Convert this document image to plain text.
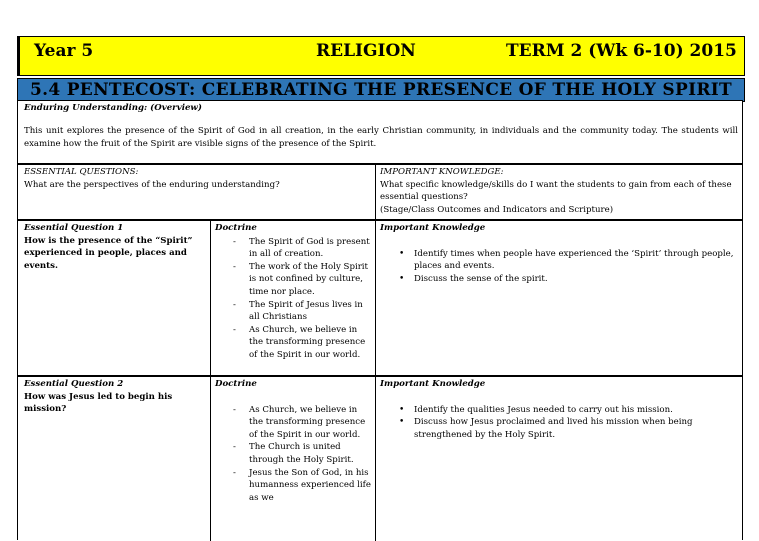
Year 5	RELIGION	TERM 2 (Wk 6-10) 2015
5.4 PENTECOST: CELEBRATING THE PRESENCE OF THE HOLY SPIRIT
Enduring Understanding: (Overview)
This unit explores the presence of the Spirit of God in all creation, in the early Christian community, in individuals and the community today. The students will examine how the fruit of the Spirit are visible signs of the presence of the Spirit.
ESSENTIAL QUESTIONS:
What are the perspectives of the enduring understanding?
IMPORTANT KNOWLEDGE:
What specific knowledge/skills do I want the students to gain from each of these essential questions?
(Stage/Class Outcomes and Indicators and Scripture)
Essential Question 1
How is the presence of the “Spirit” experienced in people, places and events.
Doctrine
- The Spirit of God is present in all of creation.
- The work of the Holy Spirit is not confined by culture, time nor place.
- The Spirit of Jesus lives in all Christians
- As Church, we believe in the transforming presence of the Spirit in our world.
Important Knowledge
• Identify times when people have experienced the ‘Spirit’ through people, places and events.
• Discuss the sense of the spirit.
Essential Question 2
How was Jesus led to begin his mission?
Doctrine
- As Church, we believe in the transforming presence of the Spirit in our world.
- The Church is united through the Holy Spirit.
- Jesus the Son of God, in his humanness experienced life as we
Important Knowledge
• Identify the qualities Jesus needed to carry out his mission.
• Discuss how Jesus proclaimed and lived his mission when being strengthened by the Holy Spirit.
